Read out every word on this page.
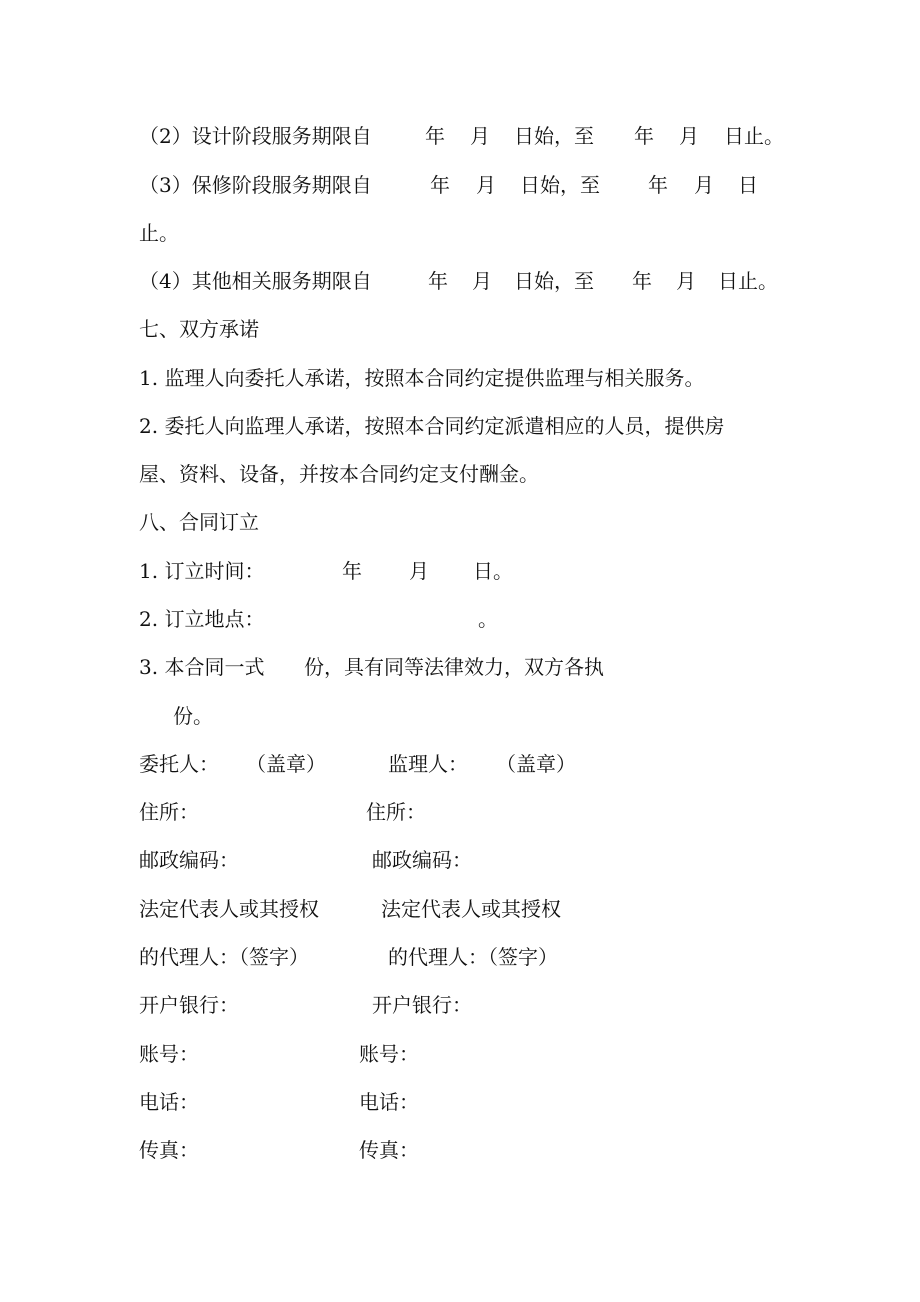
（2）设计阶段服务期限自	年 月 日始，至 年 月 日止。
（3）保修阶段服务期限自	年 月 日始，至 年 月 日
止。
（4）其他相关服务期限自	年 月 日始，至 年 月 日止。
七、双方承诺
1. 监理人向委托人承诺，按照本合同约定提供监理与相关服务。
2. 委托人向监理人承诺，按照本合同约定派遣相应的人员，提供房
屋、资料、设备，并按本合同约定支付酬金。
八、合同订立
1. 订立时间：	年 月 日。
2. 订立地点：	。
3. 本合同一式 份，具有同等法律效力，双方各执
份。
委托人： （盖章）	监理人： （盖章）
住所：	住所：
邮政编码：	邮政编码：
法定代表人或其授权	法定代表人或其授权
的代理人：（签字）	的代理人：（签字）
开户银行：	开户银行：
账号：	账号：
电话：	电话：
传真：	传真：
